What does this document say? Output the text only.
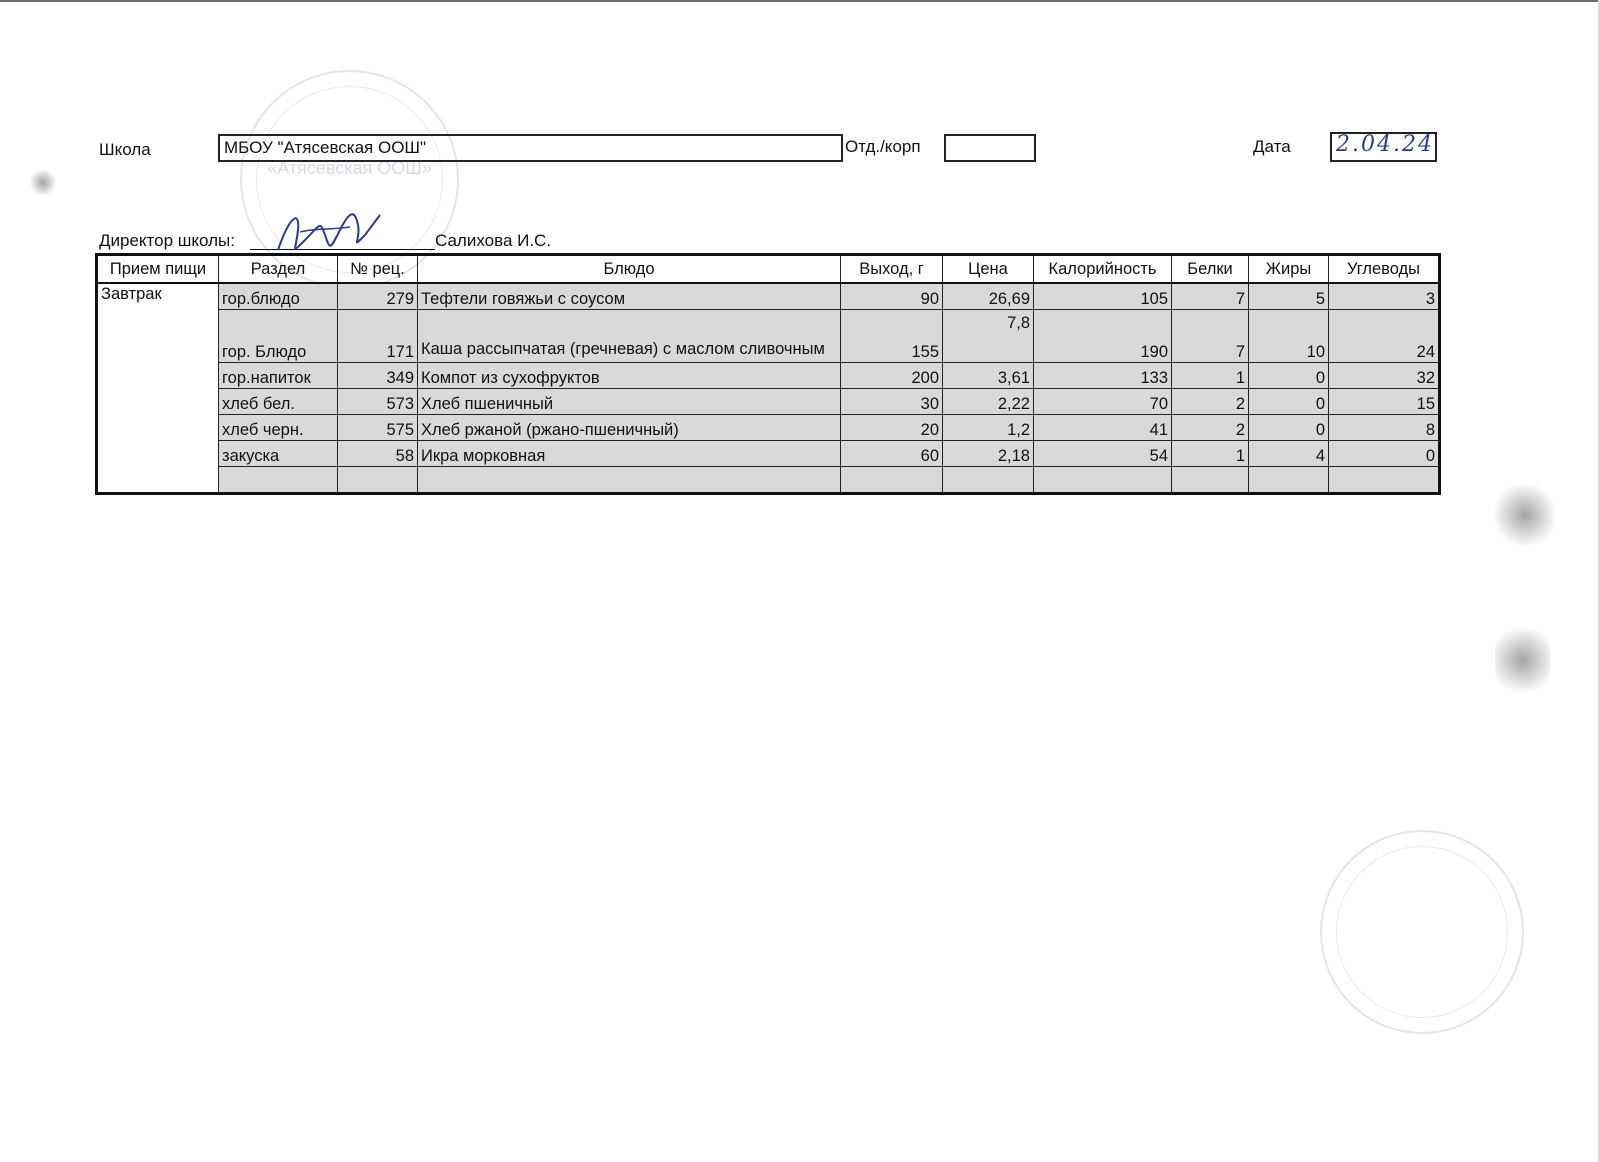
«Атясевская ООШ»
Школа	МБОУ "Атясевская ООШ"	Отд./корп	Дата 2.04.24
Директор школы:	Салихова И.С.
Прием пищи	Раздел	№ рец.	Блюдо	Выход, г	Цена	Калорийность	Белки	Жиры	Углеводы
Завтрак	гор.блюдо	279	Тефтели говяжьи с соусом	90	26,69	105	7	5	3
	гор. Блюдо	171	Каша рассыпчатая (гречневая) с маслом сливочным	155	7,8	190	7	10	24
	гор.напиток	349	Компот из сухофруктов	200	3,61	133	1	0	32
	хлеб бел.	573	Хлеб пшеничный	30	2,22	70	2	0	15
	хлеб черн.	575	Хлеб ржаной (ржано-пшеничный)	20	1,2	41	2	0	8
	закуска	58	Икра морковная	60	2,18	54	1	4	0
